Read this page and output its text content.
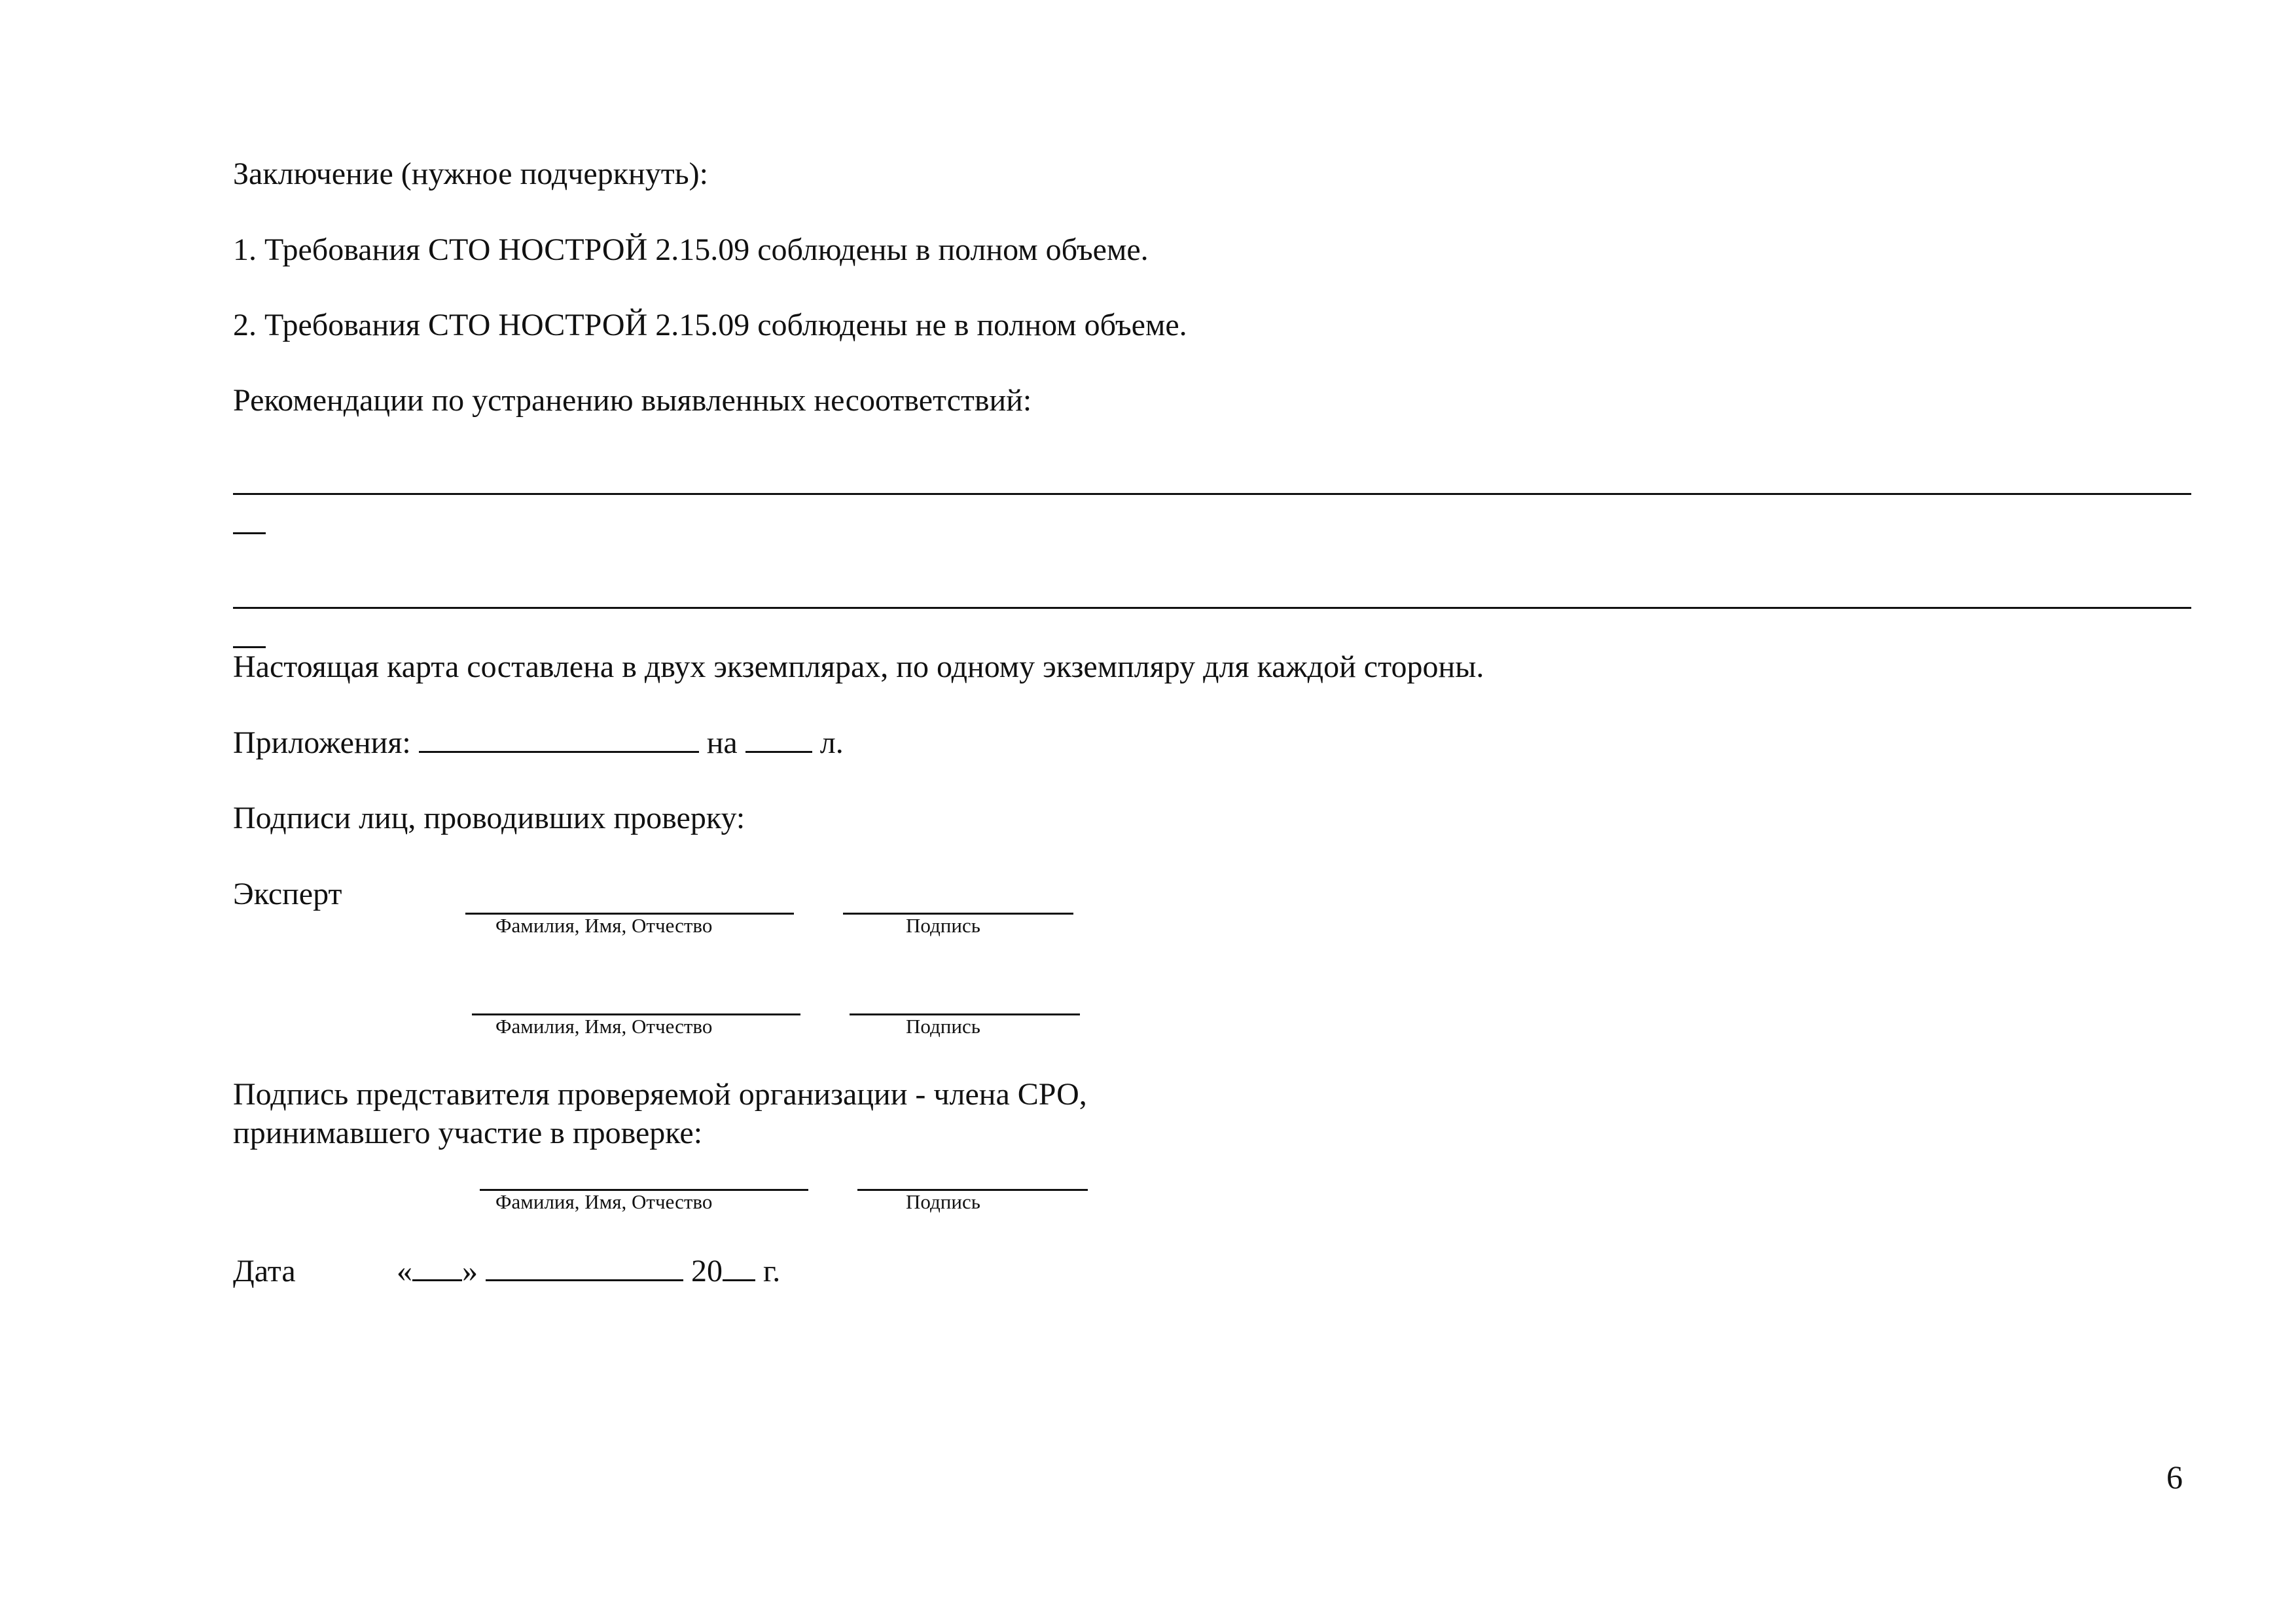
Заключение (нужное подчеркнуть):
1. Требования СТО НОСТРОЙ 2.15.09 соблюдены в полном объеме.
2. Требования СТО НОСТРОЙ 2.15.09 соблюдены не в полном объеме.
Рекомендации по устранению выявленных несоответствий:
Настоящая карта составлена в двух экземплярах, по одному экземпляру для каждой стороны.
Приложения:	на	л.
Подписи лиц, проводивших проверку:
Эксперт
Фамилия, Имя, Отчество	Подпись
Фамилия, Имя, Отчество	Подпись
Подпись представителя проверяемой организации - члена СРО,
принимавшего участие в проверке:
Фамилия, Имя, Отчество	Подпись
Дата	« »	20 г.
6
